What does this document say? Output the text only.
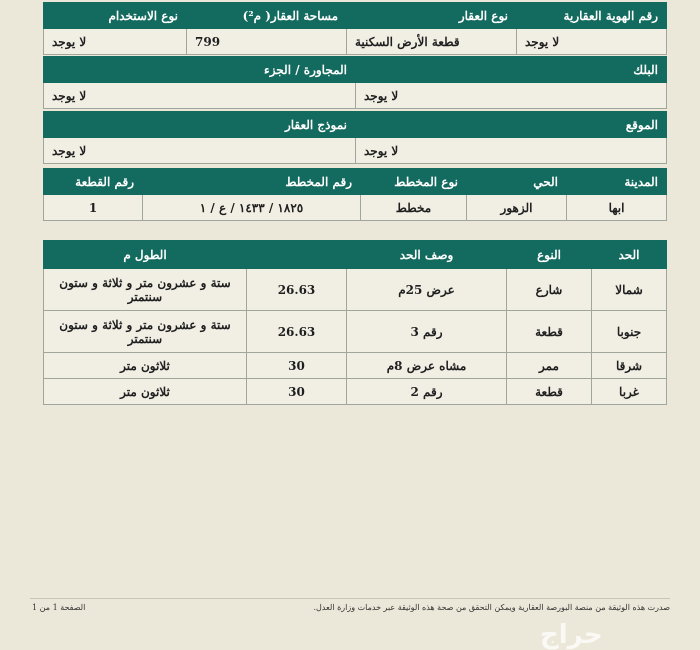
رقم الهوية العقارية	نوع العقار	مساحة العقار( م²)	نوع الاستخدام
لا يوجد	قطعة الأرض السكنية	799	لا يوجد
البلك	المجاورة / الجزء
لا يوجد	لا يوجد
الموقع	نموذج العقار
لا يوجد	لا يوجد
المدينة	الحي	نوع المخطط	رقم المخطط	رقم القطعة
ابها	الزهور	مخطط	١٨٢٥ / ١٤٣٣ / ع / ١	1
الحد	النوع	وصف الحد		الطول م
شمالا	شارع	عرض 25م	26.63	ستة و عشرون متر و ثلاثة و ستون سنتمتر
جنوبا	قطعة	رقم 3	26.63	ستة و عشرون متر و ثلاثة و ستون سنتمتر
شرقا	ممر	مشاه عرض 8م	30	ثلاثون متر
غربا	قطعة	رقم 2	30	ثلاثون متر
صدرت هذه الوثيقة من منصة البورصة العقارية ويمكن التحقق من صحة هذه الوثيقة عبر خدمات وزارة العدل.
الصفحة 1 من 1
حراج
